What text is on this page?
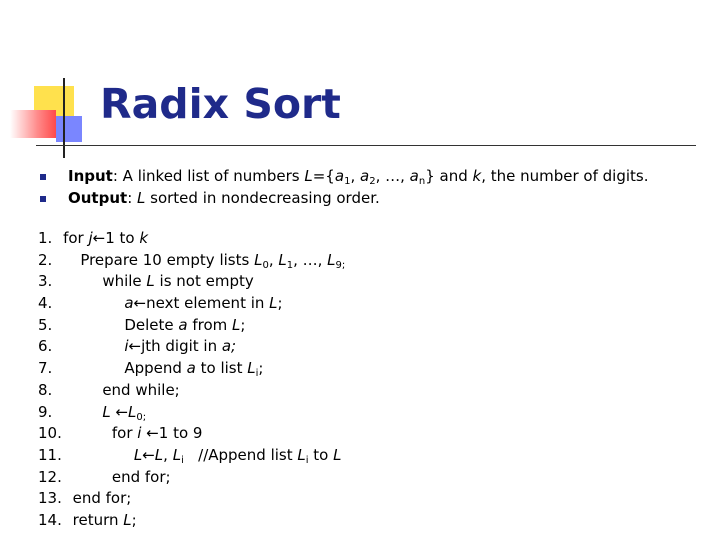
Radix Sort
Input: A linked list of numbers $L=\{a_1$, $a_2$, …, $a_n$} and k, the number of digits.
Output: L sorted in nondecreasing order.
1. for j←1 to k
2. Prepare 10 empty lists $L_0$, $L_1$, …, $L_{9;}$
3.	while L is not empty
4.	a←next element in L;
5.	Delete a from L;
6.	i←jth digit in a;
7.	Append a to list $L_i$;
8.	end while;
9.	L $\leftarrow L_{0;}$
10.	for i ←1 to 9
11.	L←L, $L_i$   //Append list $L_i$ to L
12.	end for;
13. end for;
14. return L;
